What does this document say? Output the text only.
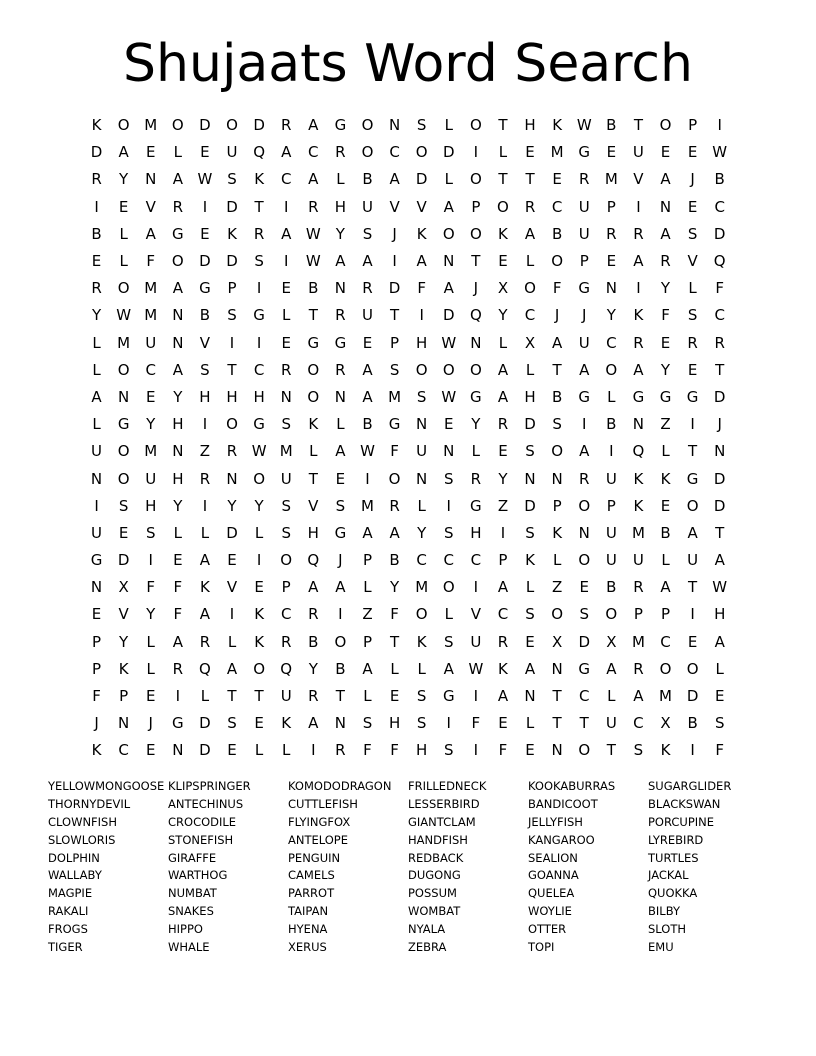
Shujaats Word Search
K	O M O	D	O	D	R	A	G	O	N	S	L	O	T	H	K W B	T	O	P	I
D	A	E	L	E	U	Q	A	C	R	O	C	O	D	I	L	E	M G	E	U	E	E W
R	Y	N	A W S	K	C	A	L	B	A	D	L	O	T	T	E	R	M	V	A	J	B
I	E	V	R	I	D	T	I	R	H	U	V	V	A	P	O	R	C	U	P	I	N	E	C
B	L	A	G	E	K	R	A W	Y	S	J	K	O	O	K	A	B	U	R	R	A	S	D
E	L	F	O	D	D	S	I	W A	A	I	A	N	T	E	L	O	P	E	A	R	V	Q
R	O M	A	G	P	I	E	B	N	R	D	F	A	J	X	O	F	G	N	I	Y	L	F
Y	W M	N	B	S	G	L	T	R	U	T	I	D	Q	Y	C	J	J	Y	K	F	S	C
L	M	U	N	V	I	I	E	G	G	E	P	H W N	L	X	A	U	C	R	E	R	R
L	O	C	A	S	T	C	R	O	R	A	S	O	O	O	A	L	T	A	O	A	Y	E	T
A	N	E	Y	H	H	H	N	O	N	A	M	S W G	A	H	B	G	L	G	G	G	D
L	G	Y	H	I	O	G	S	K	L	B	G	N	E	Y	R	D	S	I	B	N	Z	I	J
U	O M	N	Z	R W M	L	A W	F	U	N	L	E	S	O	A	I	Q	L	T	N
N	O	U	H	R	N	O	U	T	E	I	O	N	S	R	Y	N	N	R	U	K	K	G	D
I	S	H	Y	I	Y	Y	S	V	S	M	R	L	I	G	Z	D	P	O	P	K	E	O	D
U	E	S	L	L	D	L	S	H	G	A	A	Y	S	H	I	S	K	N	U	M	B	A	T
G	D	I	E	A	E	I	O	Q	J	P	B	C	C	C	P	K	L	O	U	U	L	U	A
N	X	F	F	K	V	E	P	A	A	L	Y	M O	I	A	L	Z	E	B	R	A	T	W
E	V	Y	F	A	I	K	C	R	I	Z	F	O	L	V	C	S	O	S	O	P	P	I	H
P	Y	L	A	R	L	K	R	B	O	P	T	K	S	U	R	E	X	D	X	M	C	E	A
P	K	L	R	Q	A	O	Q	Y	B	A	L	L	A W K	A	N	G	A	R	O	O	L
F	P	E	I	L	T	T	U	R	T	L	E	S	G	I	A	N	T	C	L	A	M D	E
J	N	J	G	D	S	E	K	A	N	S	H	S	I	F	E	L	T	T	U	C	X	B	S
K	C	E	N	D	E	L	L	I	R	F	F	H	S	I	F	E	N	O	T	S	K	I	F
YELLOWMONGOOSE KLIPSPRINGER	KOMODODRAGON	FRILLEDNECK	KOOKABURRAS	SUGARGLIDER
THORNYDEVIL	ANTECHINUS	CUTTLEFISH	LESSERBIRD	BANDICOOT	BLACKSWAN
CLOWNFISH	CROCODILE	FLYINGFOX	GIANTCLAM	JELLYFISH	PORCUPINE
SLOWLORIS	STONEFISH	ANTELOPE	HANDFISH	KANGAROO	LYREBIRD
DOLPHIN	GIRAFFE	PENGUIN	REDBACK	SEALION	TURTLES
WALLABY	WARTHOG	CAMELS	DUGONG	GOANNA	JACKAL
MAGPIE	NUMBAT	PARROT	POSSUM	QUELEA	QUOKKA
RAKALI	SNAKES	TAIPAN	WOMBAT	WOYLIE	BILBY
FROGS	HIPPO	HYENA	NYALA	OTTER	SLOTH
TIGER	WHALE	XERUS	ZEBRA	TOPI	EMU
